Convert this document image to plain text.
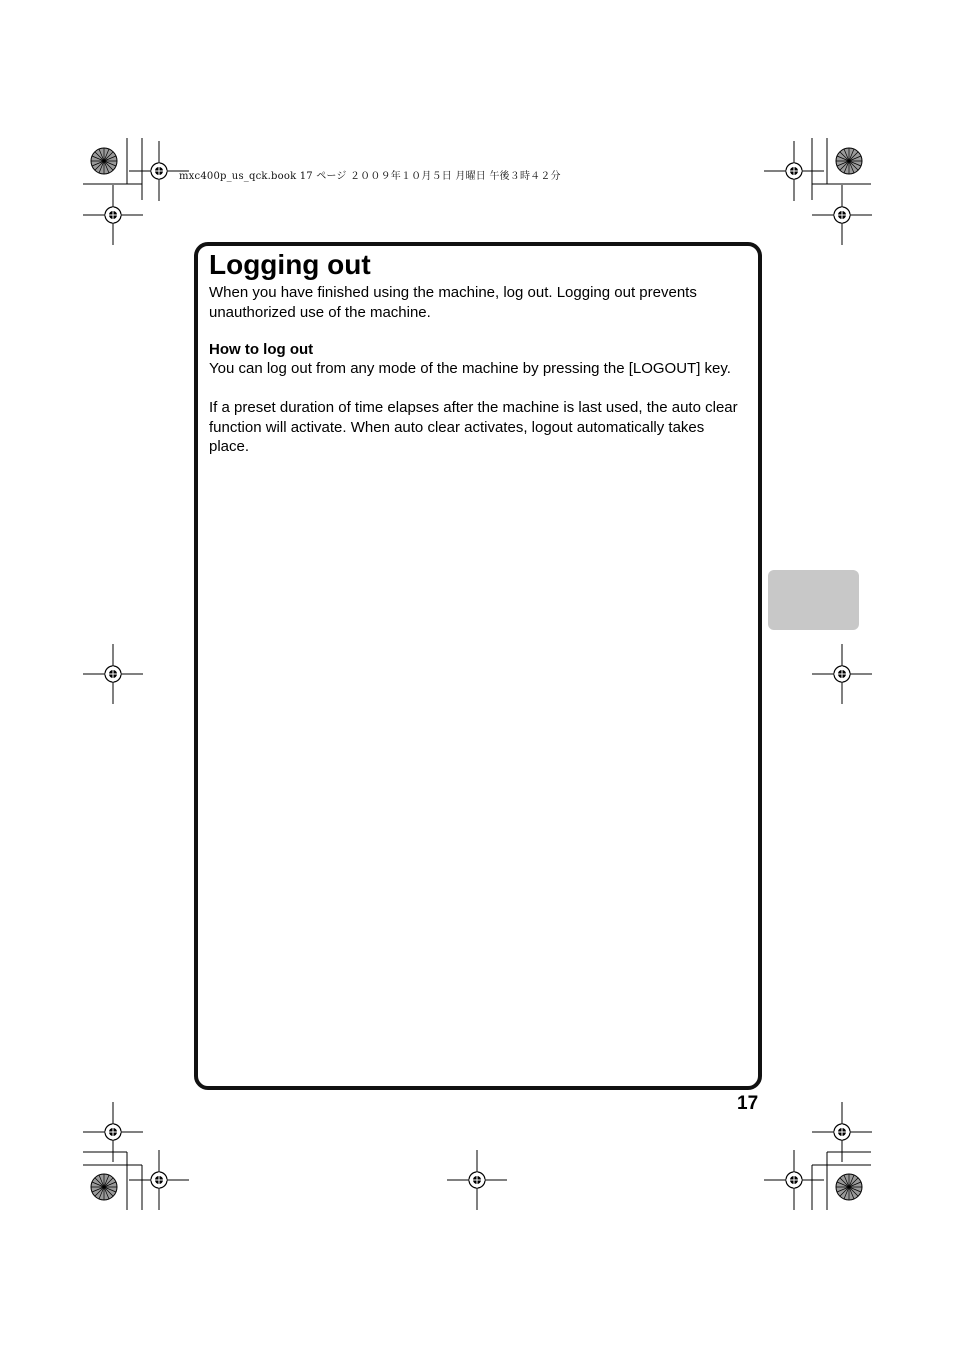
mxc400p_us_qck.book 17 ページ ２００９年１０月５日 月曜日 午後３時４２分
Logging out

When you have finished using the machine, log out. Logging out prevents unauthorized use of the machine.

How to log out

You can log out from any mode of the machine by pressing the [LOGOUT] key.

If a preset duration of time elapses after the machine is last used, the auto clear function will activate. When auto clear activates, logout automatically takes place.

17
